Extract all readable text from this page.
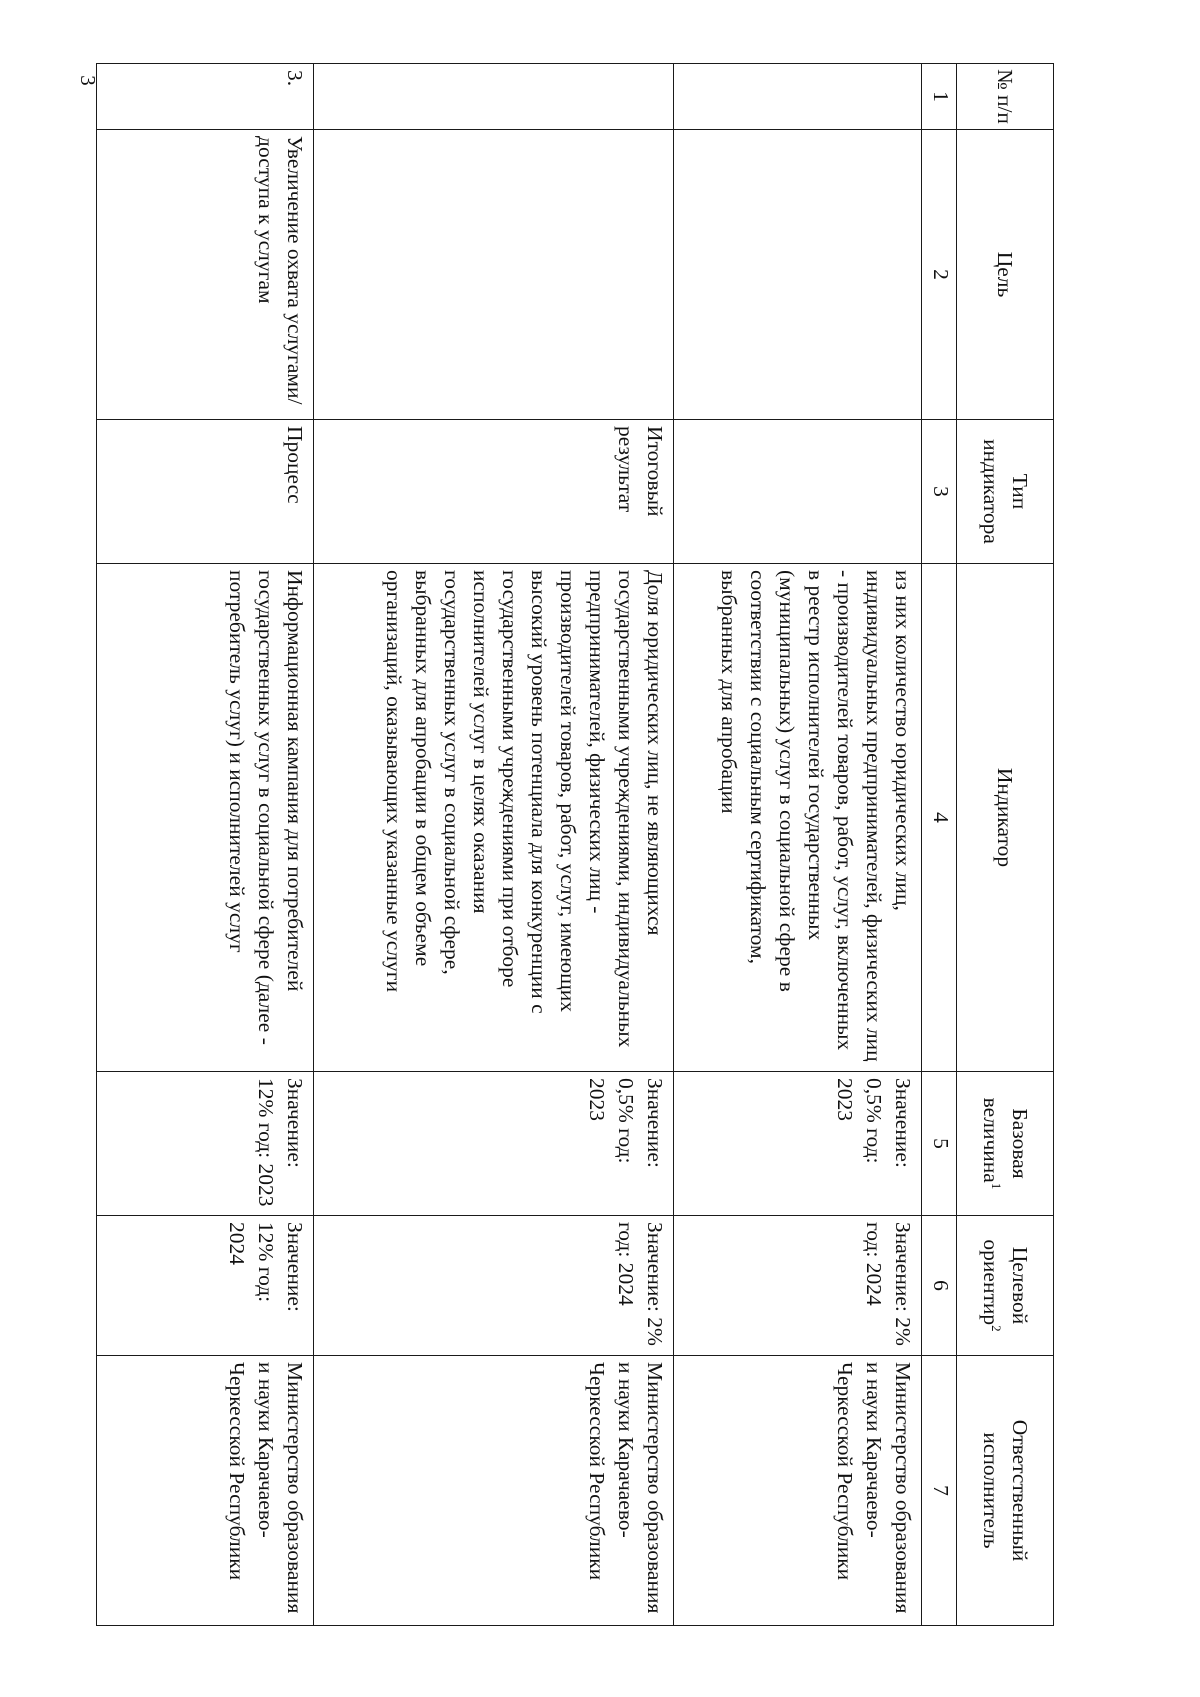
3	№ п/п	Цель	Тип индикатора	Индикатор	Базовая величина$^1$	Целевой ориентир$^2$	Ответственный исполнитель
1	2	3	4	5	6	7
			из них количество юридических лиц, индивидуальных предпринимателей, физических лиц - производителей товаров, работ, услуг, включенных в реестр исполнителей государственных (муниципальных) услуг в социальной сфере в соответствии с социальным сертификатом, выбранных для апробации	Значение: 0,5% год: 2023	Значение: 2% год: 2024	Министерство образования и науки Карачаево-Черкесской Республики
		Итоговый результат	Доля юридических лиц, не являющихся государственными учреждениями, индивидуальных предпринимателей, физических лиц - производителей товаров, работ, услуг, имеющих высокий уровень потенциала для конкуренции с государственными учреждениями при отборе исполнителей услуг в целях оказания государственных услуг в социальной сфере, выбранных для апробации в общем объеме организаций, оказывающих указанные услуги	Значение: 0,5% год: 2023	Значение: 2% год: 2024	Министерство образования и науки Карачаево-Черкесской Республики
3.	Увеличение охвата услугами/доступа к услугам	Процесс	Информационная кампания для потребителей государственных услуг в социальной сфере (далее - потребитель услуг) и исполнителей услуг	Значение: 12% год: 2023	Значение: 12% год: 2024	Министерство образования и науки Карачаево-Черкесской Республики
